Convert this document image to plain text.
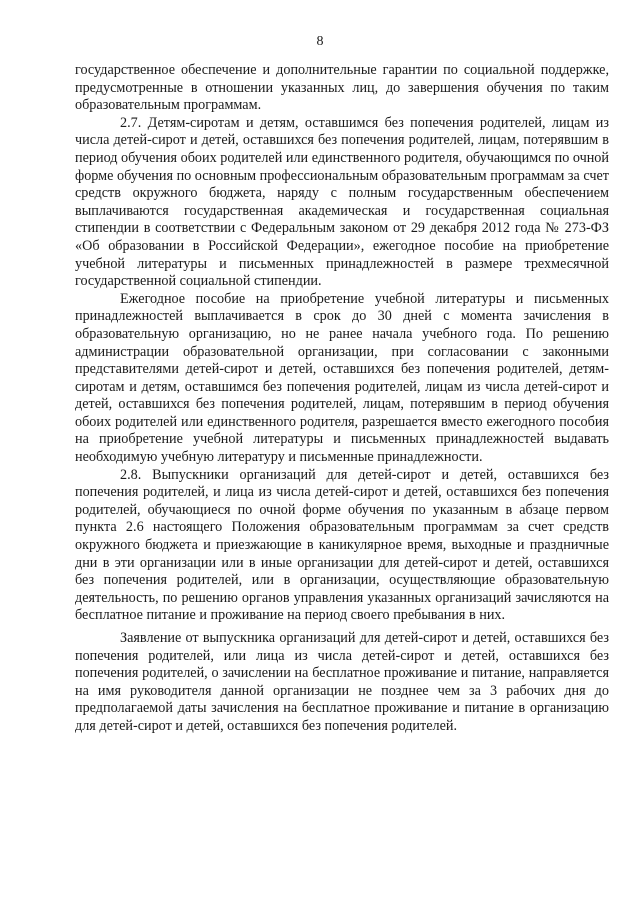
8

государственное обеспечение и дополнительные гарантии по социальной поддержке, предусмотренные в отношении указанных лиц, до завершения обучения по таким образовательным программам.

2.7. Детям-сиротам и детям, оставшимся без попечения родителей, лицам из числа детей-сирот и детей, оставшихся без попечения родителей, лицам, потерявшим в период обучения обоих родителей или единственного родителя, обучающимся по очной форме обучения по основным профессиональным образовательным программам за счет средств окружного бюджета, наряду с полным государственным обеспечением выплачиваются государственная академическая и государственная социальная стипендии в соответствии с Федеральным законом от 29 декабря 2012 года № 273-ФЗ «Об образовании в Российской Федерации», ежегодное пособие на приобретение учебной литературы и письменных принадлежностей в размере трехмесячной государственной социальной стипендии.

Ежегодное пособие на приобретение учебной литературы и письменных принадлежностей выплачивается в срок до 30 дней с момента зачисления в образовательную организацию, но не ранее начала учебного года. По решению администрации образовательной организации, при согласовании с законными представителями детей-сирот и детей, оставшихся без попечения родителей, детям-сиротам и детям, оставшимся без попечения родителей, лицам из числа детей-сирот и детей, оставшихся без попечения родителей, лицам, потерявшим в период обучения обоих родителей или единственного родителя, разрешается вместо ежегодного пособия на приобретение учебной литературы и письменных принадлежностей выдавать необходимую учебную литературу и письменные принадлежности.

2.8. Выпускники организаций для детей-сирот и детей, оставшихся без попечения родителей, и лица из числа детей-сирот и детей, оставшихся без попечения родителей, обучающиеся по очной форме обучения по указанным в абзаце первом пункта 2.6 настоящего Положения образовательным программам за счет средств окружного бюджета и приезжающие в каникулярное время, выходные и праздничные дни в эти организации или в иные организации для детей-сирот и детей, оставшихся без попечения родителей, или в организации, осуществляющие образовательную деятельность, по решению органов управления указанных организаций зачисляются на бесплатное питание и проживание на период своего пребывания в них.

Заявление от выпускника организаций для детей-сирот и детей, оставшихся без попечения родителей, или лица из числа детей-сирот и детей, оставшихся без попечения родителей, о зачислении на бесплатное проживание и питание, направляется на имя руководителя данной организации не позднее чем за 3 рабочих дня до предполагаемой даты зачисления на бесплатное проживание и питание в организацию для детей-сирот и детей, оставшихся без попечения родителей.
